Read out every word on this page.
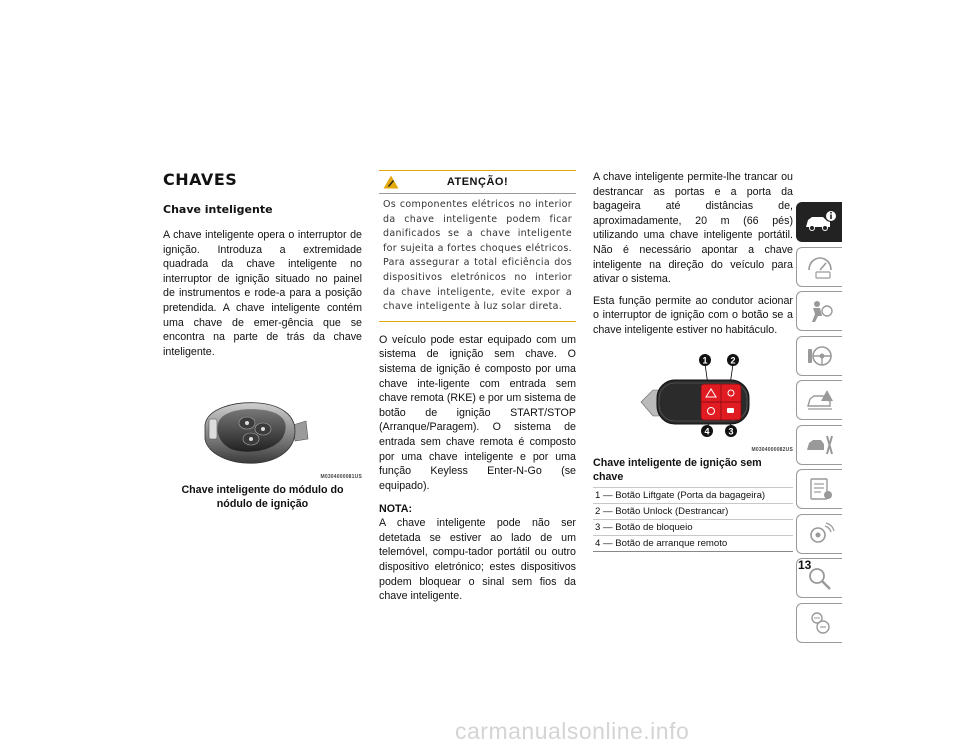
CHAVES
Chave inteligente

A chave inteligente opera o interruptor de ignição. Introduza a extremidade quadrada da chave inteligente no interruptor de ignição situado no painel de instrumentos e rode-a para a posição pretendida. A chave inteligente contém uma chave de emer-gência que se encontra na parte de trás da chave inteligente.

M0304000081US
Chave inteligente do módulo do nódulo de ignição
ATENÇÃO!
Os componentes elétricos no interior da chave inteligente podem ficar danificados se a chave inteligente for sujeita a fortes choques elétricos. Para assegurar a total eficiência dos dispositivos eletrónicos no interior da chave inteligente, evite expor a chave inteligente à luz solar direta.

O veículo pode estar equipado com um sistema de ignição sem chave. O sistema de ignição é composto por uma chave inte-ligente com entrada sem chave remota (RKE) e por um sistema de botão de ignição START/STOP (Arranque/Paragem). O sistema de entrada sem chave remota é composto por uma chave inteligente e por uma função Keyless Enter-N-Go (se equipado).

NOTA:

A chave inteligente pode não ser detetada se estiver ao lado de um telemóvel, compu-tador portátil ou outro dispositivo eletrónico; estes dispositivos podem bloquear o sinal sem fios da chave inteligente.

A chave inteligente permite-lhe trancar ou destrancar as portas e a porta da bagageira até distâncias de, aproximadamente, 20 m (66 pés) utilizando uma chave inteligente portátil. Não é necessário apontar a chave inteligente na direção do veículo para ativar o sistema.

Esta função permite ao condutor acionar o interruptor de ignição com o botão se a chave inteligente estiver no habitáculo.

1	2
3
4
M0304000082US
Chave inteligente de ignição sem chave
1 — Botão Liftgate (Porta da bagageira)
2 — Botão Unlock (Destrancar)
3 — Botão de bloqueio
4 — Botão de arranque remoto
13
carmanualsonline.info
